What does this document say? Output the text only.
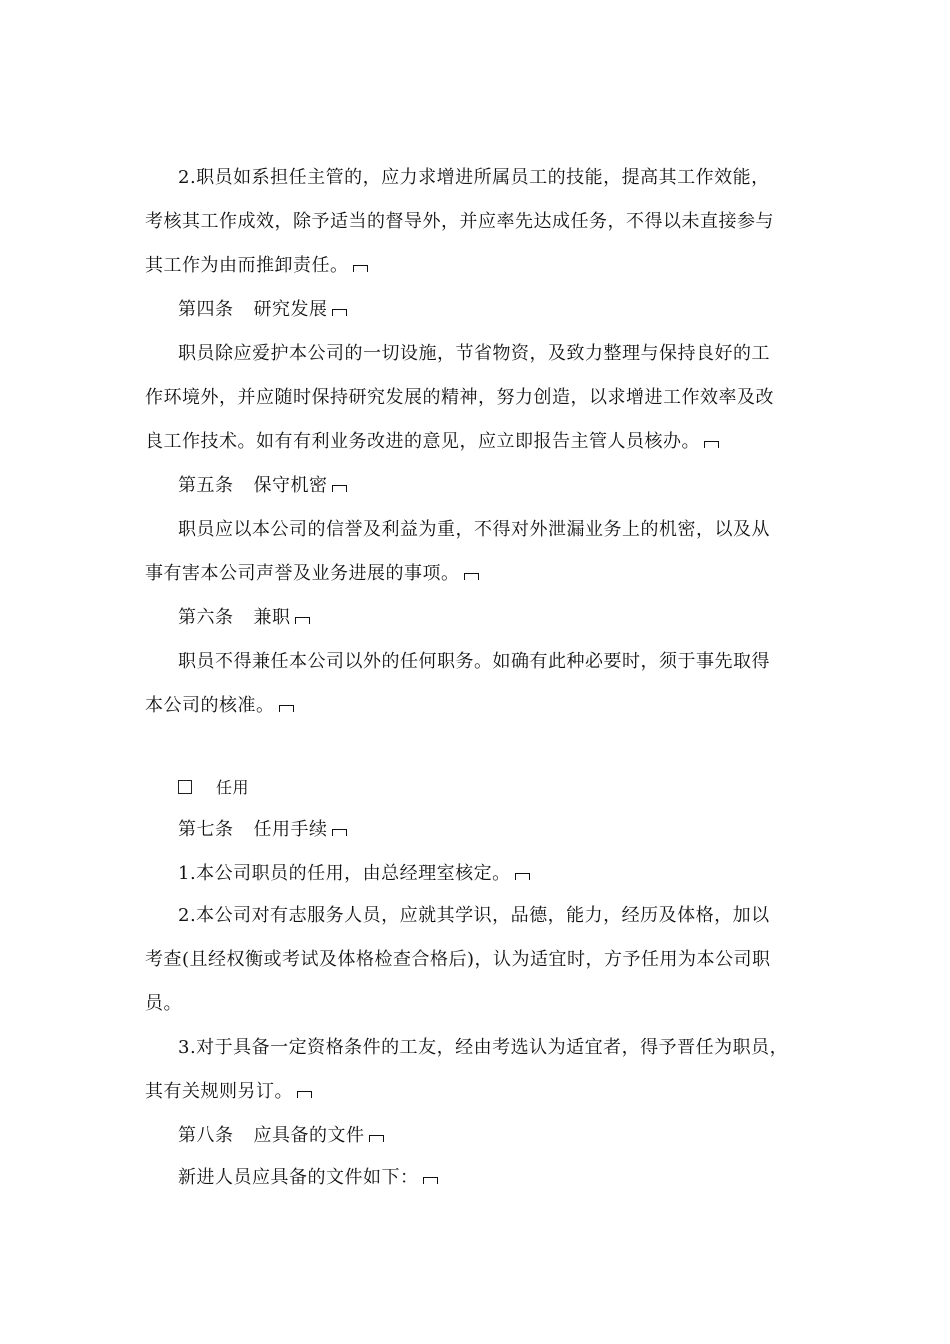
2.职员如系担任主管的，应力求增进所属员工的技能，提高其工作效能，
考核其工作成效，除予适当的督导外，并应率先达成任务，不得以未直接参与
其工作为由而推卸责任。
第四条 研究发展
职员除应爱护本公司的一切设施，节省物资，及致力整理与保持良好的工
作环境外，并应随时保持研究发展的精神，努力创造，以求增进工作效率及改
良工作技术。如有有利业务改进的意见，应立即报告主管人员核办。
第五条 保守机密
职员应以本公司的信誉及利益为重，不得对外泄漏业务上的机密，以及从
事有害本公司声誉及业务进展的事项。
第六条 兼职
职员不得兼任本公司以外的任何职务。如确有此种必要时，须于事先取得
本公司的核准。
任用
第七条 任用手续
1.本公司职员的任用，由总经理室核定。
2.本公司对有志服务人员，应就其学识，品德，能力，经历及体格，加以
考查(且经权衡或考试及体格检查合格后)，认为适宜时，方予任用为本公司职
员。
3.对于具备一定资格条件的工友，经由考选认为适宜者，得予晋任为职员，
其有关规则另订。
第八条 应具备的文件
新进人员应具备的文件如下：
